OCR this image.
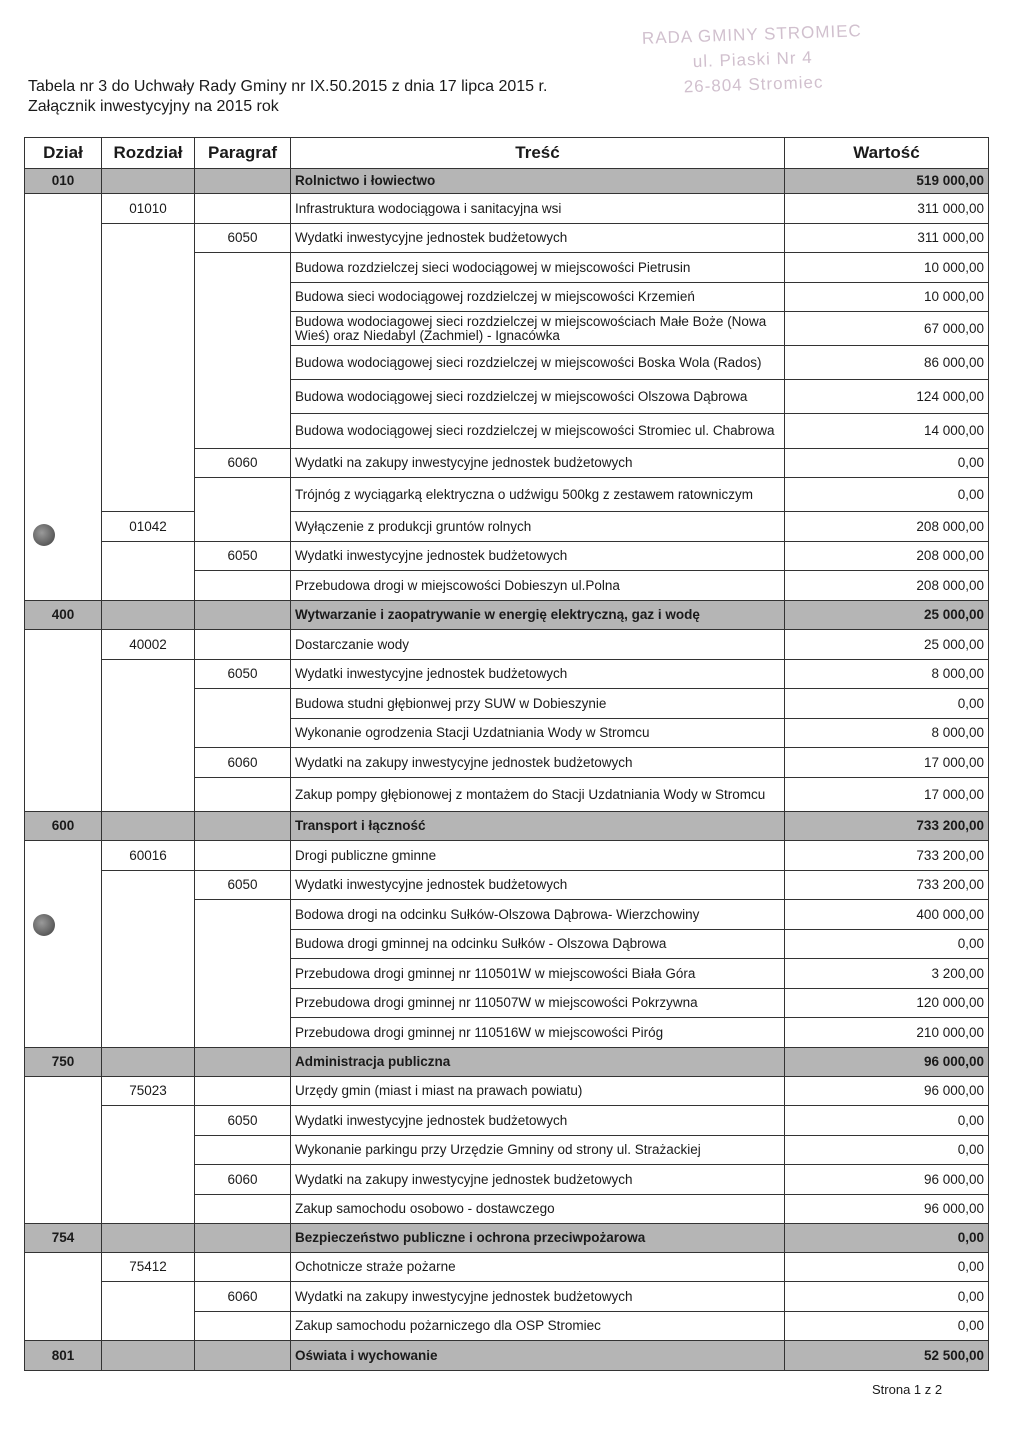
Tabela nr 3 do Uchwały Rady Gminy nr IX.50.2015 z dnia 17 lipca 2015 r.
Załącznik inwestycyjny na 2015 rok
RADA GMINY STROMIEC
ul. Piaski Nr 4
26-804 Stromiec
Dział	Rozdział	Paragraf	Treść	Wartość
010			Rolnictwo i łowiectwo	519 000,00
	01010		Infrastruktura wodociągowa i sanitacyjna wsi	311 000,00
		6050	Wydatki inwestycyjne jednostek budżetowych	311 000,00
			Budowa rozdzielczej sieci wodociągowej w miejscowości Pietrusin	10 000,00
			Budowa sieci wodociągowej rozdzielczej w miejscowości Krzemień	10 000,00
			Budowa wodociagowej sieci rozdzielczej w miejscowościach Małe Boże (Nowa Wieś) oraz Niedabyl (Zachmiel) - Ignacówka	67 000,00
			Budowa wodociągowej sieci rozdzielczej w miejscowości Boska Wola (Rados)	86 000,00
			Budowa wodociągowej sieci rozdzielczej w miejscowości Olszowa Dąbrowa	124 000,00
			Budowa wodociągowej sieci rozdzielczej w miejscowości Stromiec ul. Chabrowa	14 000,00
		6060	Wydatki na zakupy inwestycyjne jednostek budżetowych	0,00
			Trójnóg z wyciągarką elektryczna o udźwigu 500kg z zestawem ratowniczym	0,00
	01042		Wyłączenie z produkcji gruntów rolnych	208 000,00
		6050	Wydatki inwestycyjne jednostek budżetowych	208 000,00
			Przebudowa drogi w miejscowości Dobieszyn ul.Polna	208 000,00
400			Wytwarzanie i zaopatrywanie w energię elektryczną, gaz i wodę	25 000,00
	40002		Dostarczanie wody	25 000,00
		6050	Wydatki inwestycyjne jednostek budżetowych	8 000,00
			Budowa studni głębionwej przy SUW w Dobieszynie	0,00
			Wykonanie ogrodzenia Stacji Uzdatniania Wody w Stromcu	8 000,00
		6060	Wydatki na zakupy inwestycyjne jednostek budżetowych	17 000,00
			Zakup pompy głębionowej z montażem do Stacji Uzdatniania Wody w Stromcu	17 000,00
600			Transport i łączność	733 200,00
	60016		Drogi publiczne gminne	733 200,00
		6050	Wydatki inwestycyjne jednostek budżetowych	733 200,00
			Bodowa drogi na odcinku Sułków-Olszowa Dąbrowa- Wierzchowiny	400 000,00
			Budowa drogi gminnej na odcinku Sułków - Olszowa Dąbrowa	0,00
			Przebudowa drogi gminnej nr 110501W w miejscowości Biała Góra	3 200,00
			Przebudowa drogi gminnej nr 110507W w miejscowości Pokrzywna	120 000,00
			Przebudowa drogi gminnej nr 110516W w miejscowości Piróg	210 000,00
750			Administracja publiczna	96 000,00
	75023		Urzędy gmin (miast i miast na prawach powiatu)	96 000,00
		6050	Wydatki inwestycyjne jednostek budżetowych	0,00
			Wykonanie parkingu przy Urzędzie Gmniny od strony ul. Strażackiej	0,00
		6060	Wydatki na zakupy inwestycyjne jednostek budżetowych	96 000,00
			Zakup samochodu osobowo - dostawczego	96 000,00
754			Bezpieczeństwo publiczne i ochrona przeciwpożarowa	0,00
	75412		Ochotnicze straże pożarne	0,00
		6060	Wydatki na zakupy inwestycyjne jednostek budżetowych	0,00
			Zakup samochodu pożarniczego dla OSP Stromiec	0,00
801			Oświata i wychowanie	52 500,00
Strona 1 z 2
